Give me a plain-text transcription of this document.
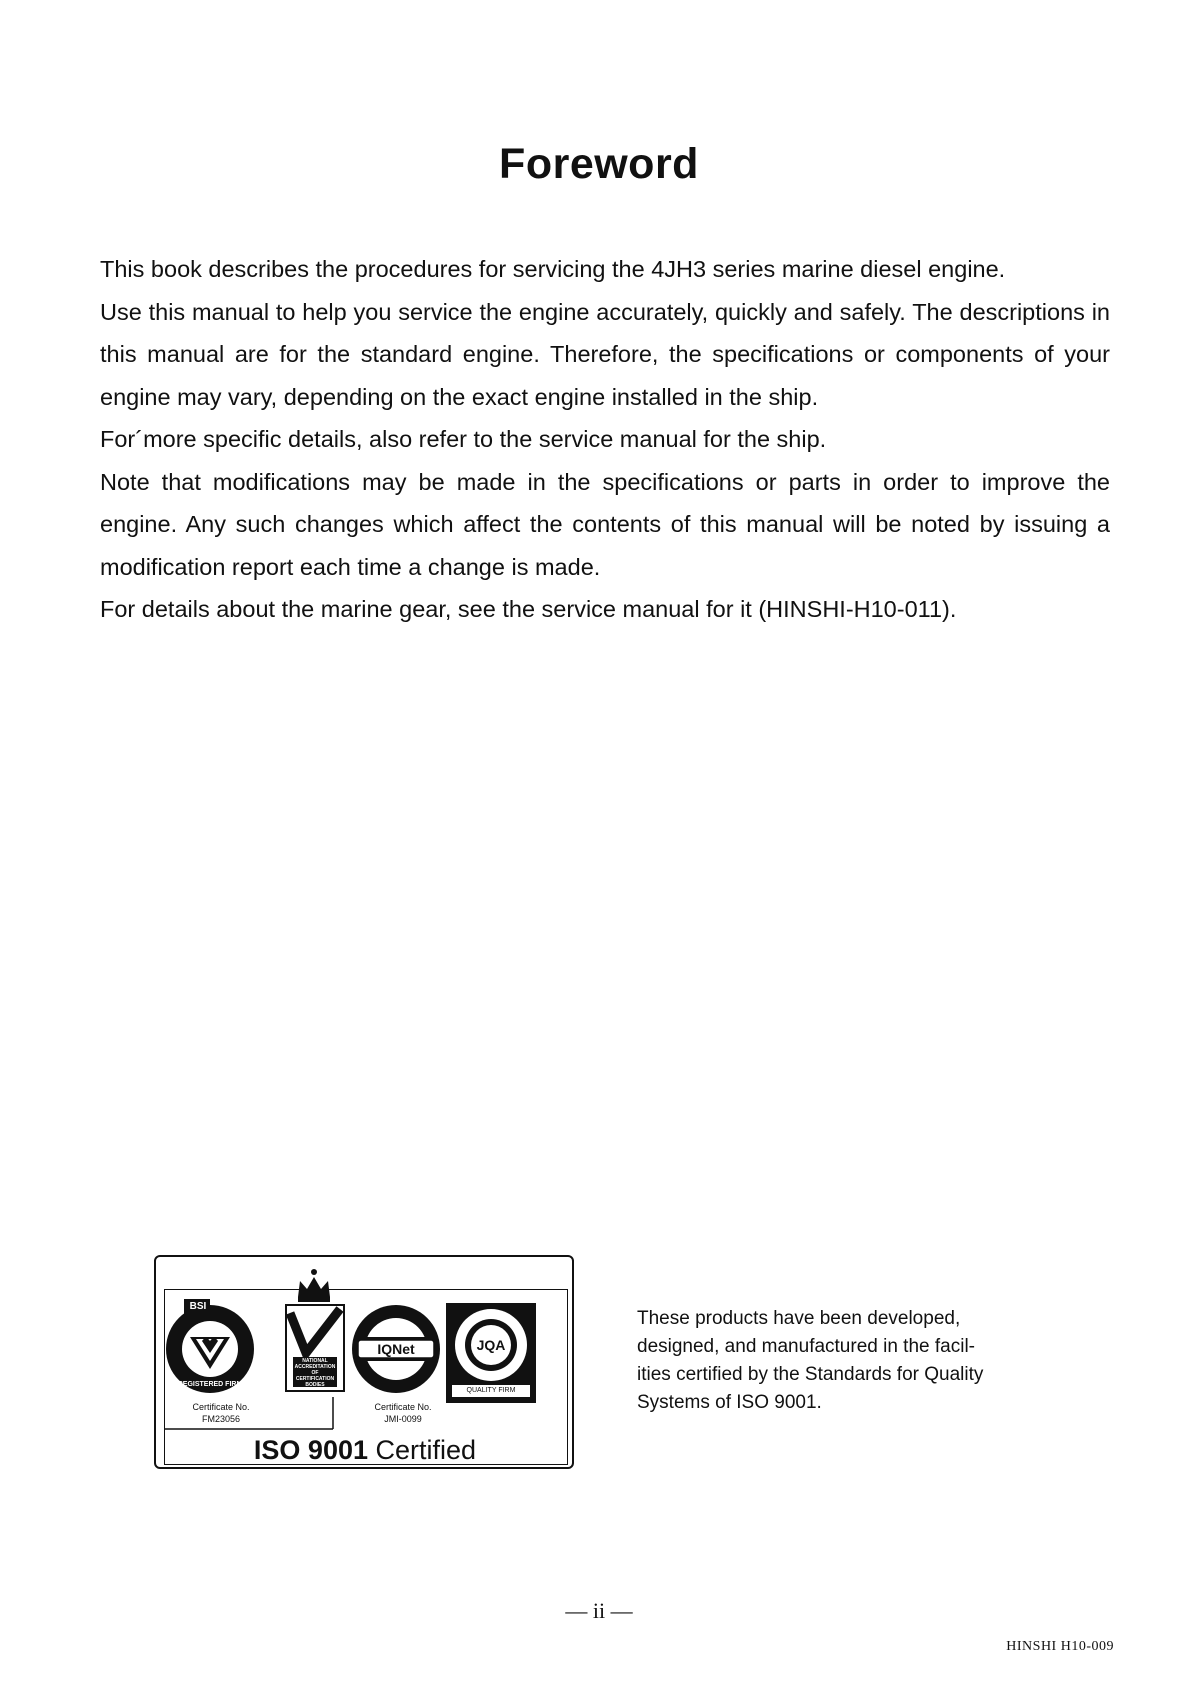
Foreword

This book describes the procedures for servicing the 4JH3 series marine diesel engine.

Use this manual to help you service the engine accurately, quickly and safely. The descriptions in this manual are for the standard engine. Therefore, the specifications or components of your engine may vary, depending on the exact engine installed in the ship.

For´more specific details, also refer to the service manual for the ship.

Note that modifications may be made in the specifications or parts in order to improve the engine. Any such changes which affect the contents of this manual will be noted by issuing a modification report each time a change is made.

For details about the marine gear, see the service manual for it (HINSHI-H10-011).

BSI
REGISTERED FIRM
NATIONAL ACCREDITATION OF CERTIFICATION BODIES
IQNet	JQA
QUALITY FIRM
Certificate No.
FM23056
Certificate No.
JMI-0099
ISO 9001 Certified
These products have been developed,
designed, and manufactured in the facil-
ities certified by the Standards for Quality
Systems of ISO 9001.
— ii —
HINSHI H10-009
